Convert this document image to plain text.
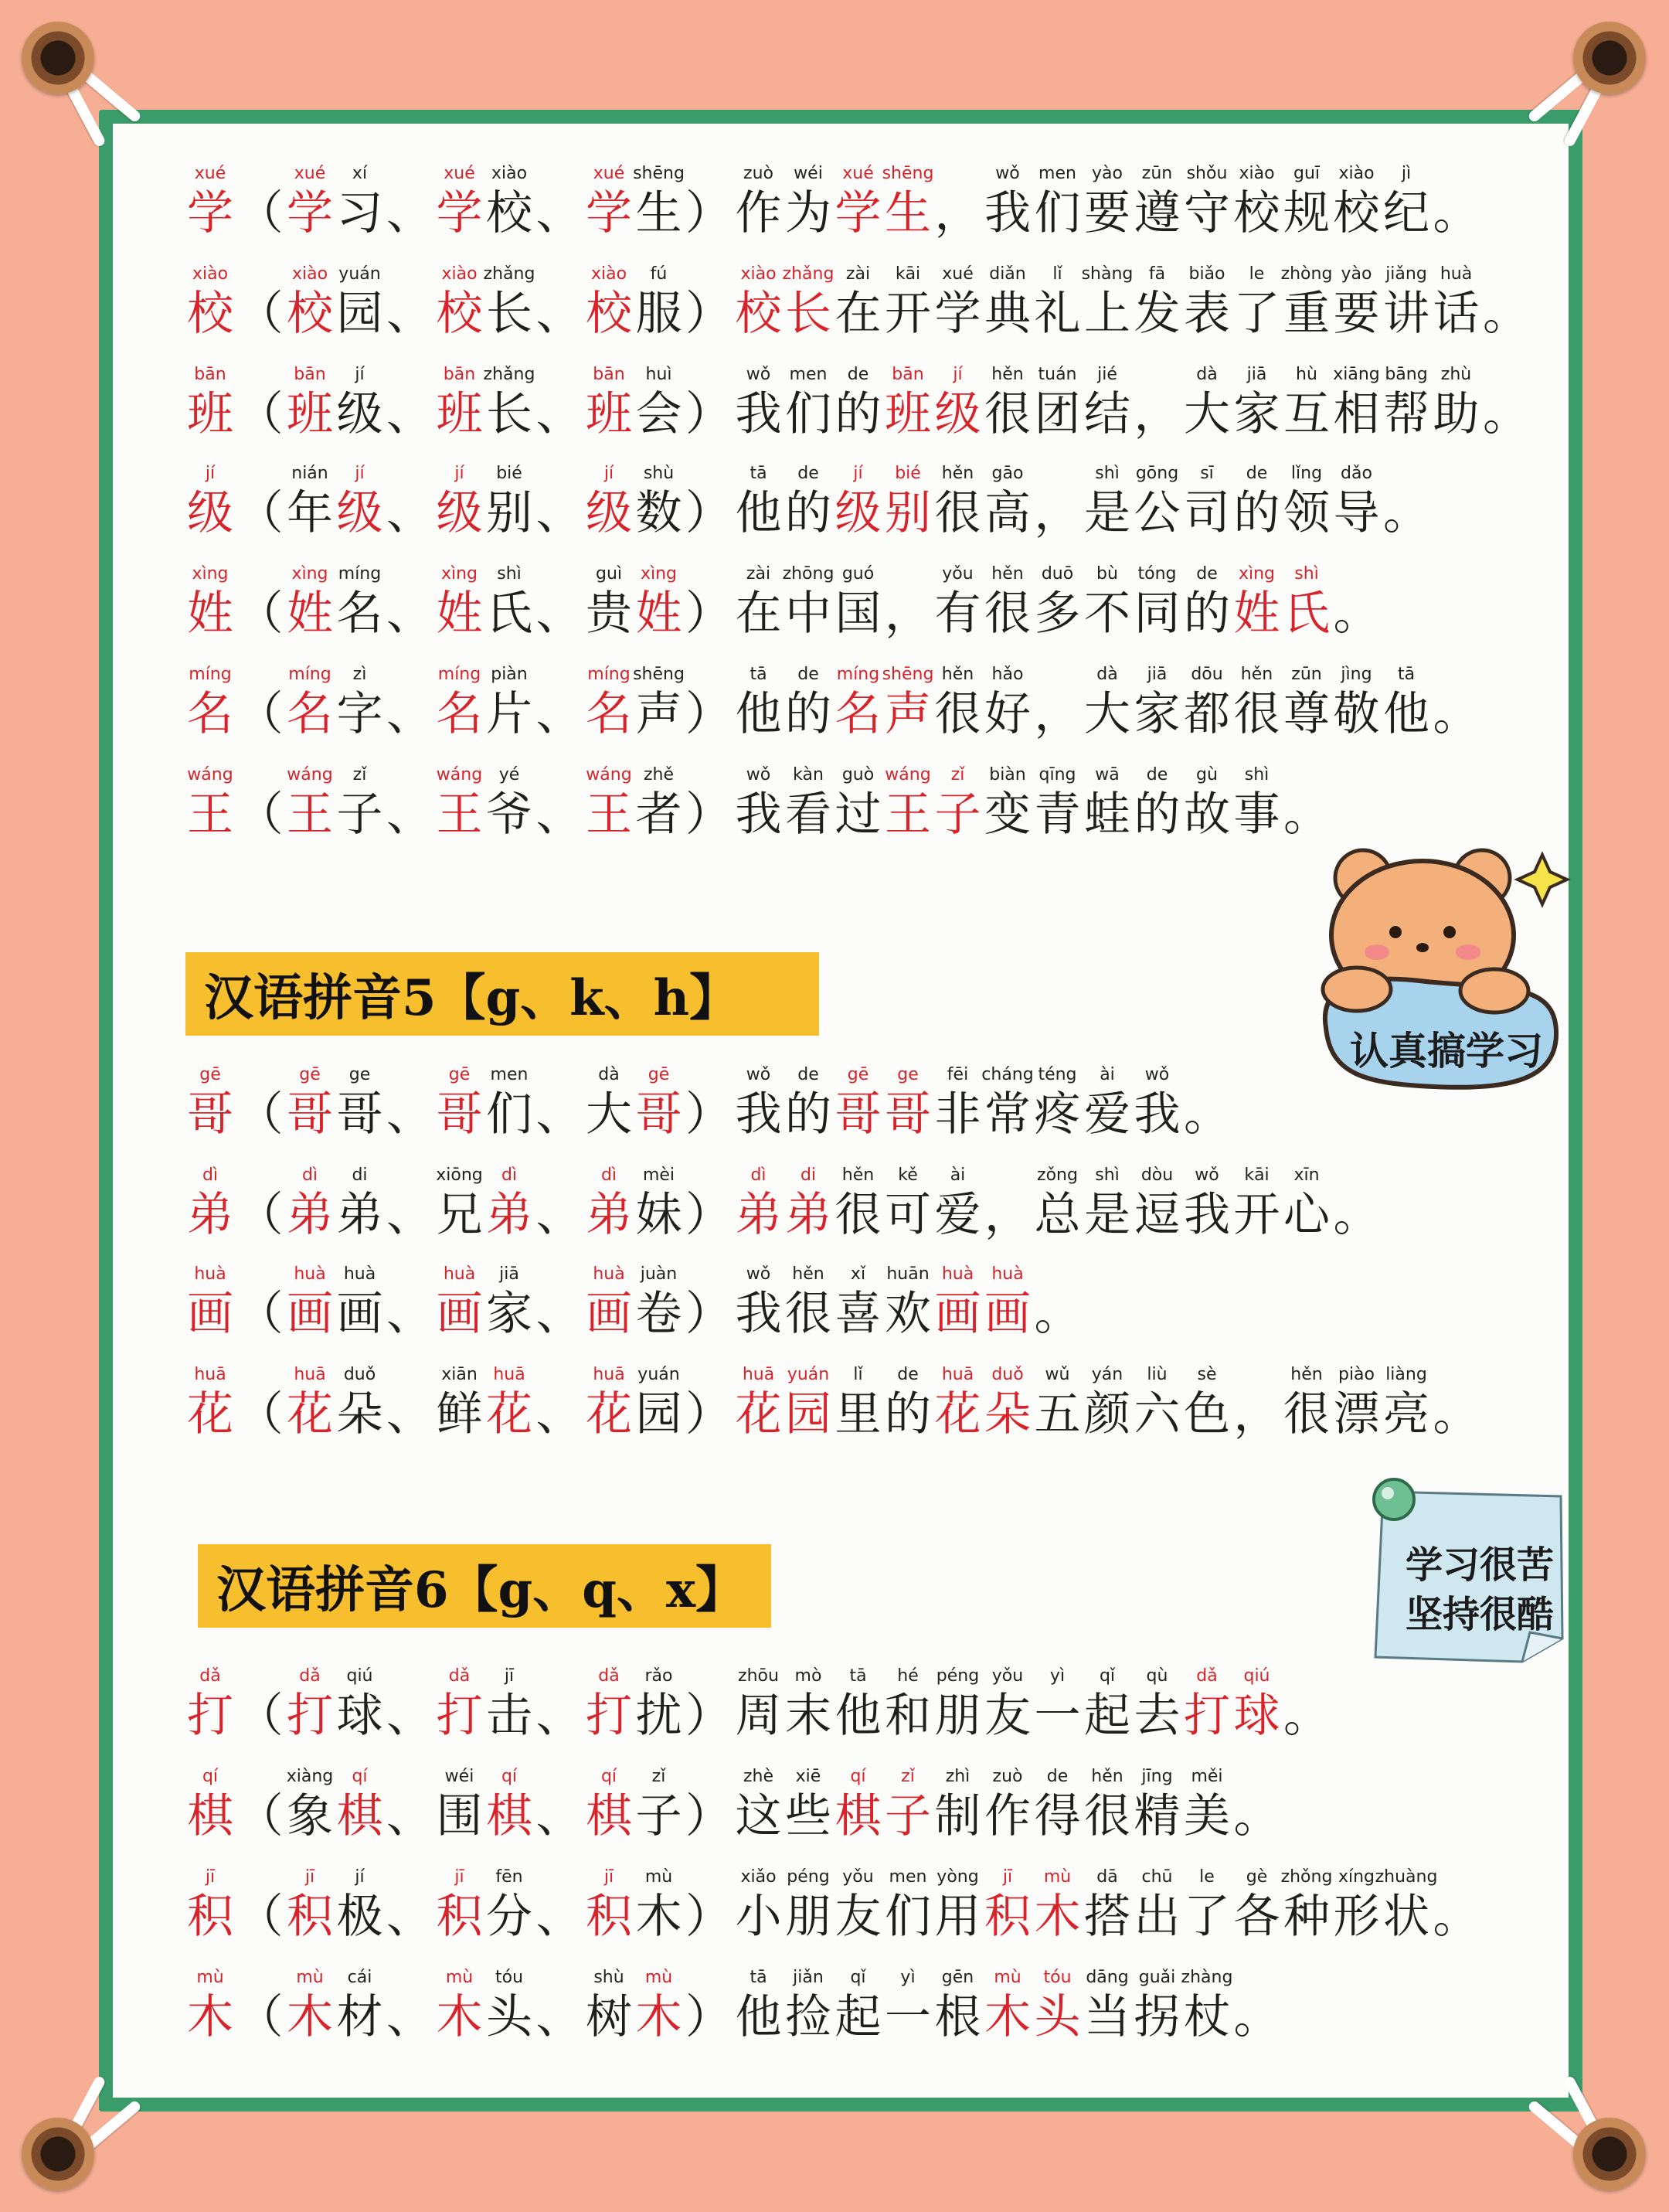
xué
学 （
xué
学
xí
习 、
xué
学
xiào
校 、
xué
学
shēng
生 ）
zuò
作
wéi
为
xué
学
shēng
生 ，
wǒ
我
men
们
yào
要
zūn
遵
shǒu
守
xiào
校
guī
规
xiào
校
jì
纪 。
xiào
校 （
xiào
校
yuán
园 、
xiào
校
zhǎng
长 、
xiào
校
fú
服 ）
xiào
校
zhǎng
长
zài
在
kāi
开
xué
学
diǎn
典
lǐ
礼
shàng
上
fā
发
biǎo
表
le
了
zhòng
重
yào
要
jiǎng
讲
huà
话 。
bān
班 （
bān
班
jí
级 、
bān
班
zhǎng
长 、
bān
班
huì
会 ）
wǒ
我
men
们
de
的
bān
班
jí
级
hěn
很
tuán
团
jié
结 ，
dà
大
jiā
家
hù
互
xiāng
相
bāng
帮
zhù
助 。
jí
级 （
nián
年
jí
级 、
jí
级
bié
别 、
jí
级
shù
数 ）
tā
他
de
的
jí
级
bié
别
hěn
很
gāo
高 ，
shì
是
gōng
公
sī
司
de
的
lǐng
领
dǎo
导 。
xìng
姓 （
xìng
姓
míng
名 、
xìng
姓
shì
氏 、
guì
贵
xìng
姓 ）
zài
在
zhōng
中
guó
国 ，
yǒu
有
hěn
很
duō
多
bù
不
tóng
同
de
的
xìng
姓
shì
氏 。
míng
名 （
míng
名
zì
字 、
míng
名
piàn
片 、
míng
名
shēng
声 ）
tā
他
de
的
míng
名
shēng
声
hěn
很
hǎo
好 ，
dà
大
jiā
家
dōu
都
hěn
很
zūn
尊
jìng
敬
tā
他 。
wáng
王 （
wáng
王
zǐ
子 、
wáng
王
yé
爷 、
wáng
王
zhě
者 ）
wǒ
我
kàn
看
guò
过
wáng
王
zǐ
子
biàn
变
qīng
青
wā
蛙
de
的
gù
故
shì
事 。
gē
哥 （
gē
哥
ge
哥 、
gē
哥
men
们 、
dà
大
gē
哥 ）
wǒ
我
de
的
gē
哥
ge
哥
fēi
非
cháng
常
téng
疼
ài
爱
wǒ
我 。
dì
弟 （
dì
弟
di
弟 、
xiōng
兄
dì
弟 、
dì
弟
mèi
妹 ）
dì
弟
di
弟
hěn
很
kě
可
ài
爱 ，
zǒng
总
shì
是
dòu
逗
wǒ
我
kāi
开
xīn
心 。
huà
画 （
huà
画
huà
画 、
huà
画
jiā
家 、
huà
画
juàn
卷 ）
wǒ
我
hěn
很
xǐ
喜
huān
欢
huà
画
huà
画 。
huā
花 （
huā
花
duǒ
朵 、
xiān
鲜
huā
花 、
huā
花
yuán
园 ）
huā
花
yuán
园
lǐ
里
de
的
huā
花
duǒ
朵
wǔ
五
yán
颜
liù
六
sè
色 ，
hěn
很
piào
漂
liàng
亮 。
dǎ
打 （
dǎ
打
qiú
球 、
dǎ
打
jī
击 、
dǎ
打
rǎo
扰 ）
zhōu
周
mò
末
tā
他
hé
和
péng
朋
yǒu
友
yì
一
qǐ
起
qù
去
dǎ
打
qiú
球 。
qí
棋 （
xiàng
象
qí
棋 、
wéi
围
qí
棋 、
qí
棋
zǐ
子 ）
zhè
这
xiē
些
qí
棋
zǐ
子
zhì
制
zuò
作
de
得
hěn
很
jīng
精
měi
美 。
jī
积 （
jī
积
jí
极 、
jī
积
fēn
分 、
jī
积
mù
木 ）
xiǎo
小
péng
朋
yǒu
友
men
们
yòng
用
jī
积
mù
木
dā
搭
chū
出
le
了
gè
各
zhǒng
种
xíng
形
zhuàng
状 。
mù
木 （
mù
木
cái
材 、
mù
木
tóu
头 、
shù
树
mù
木 ）
tā
他
jiǎn
捡
qǐ
起
yì
一
gēn
根
mù
木
tóu
头
dāng
当
guǎi
拐
zhàng
杖 。
汉语拼音5【g、k、h】
汉语拼音6【g、q、x】
认真搞学习
学习很苦
坚持很酷
